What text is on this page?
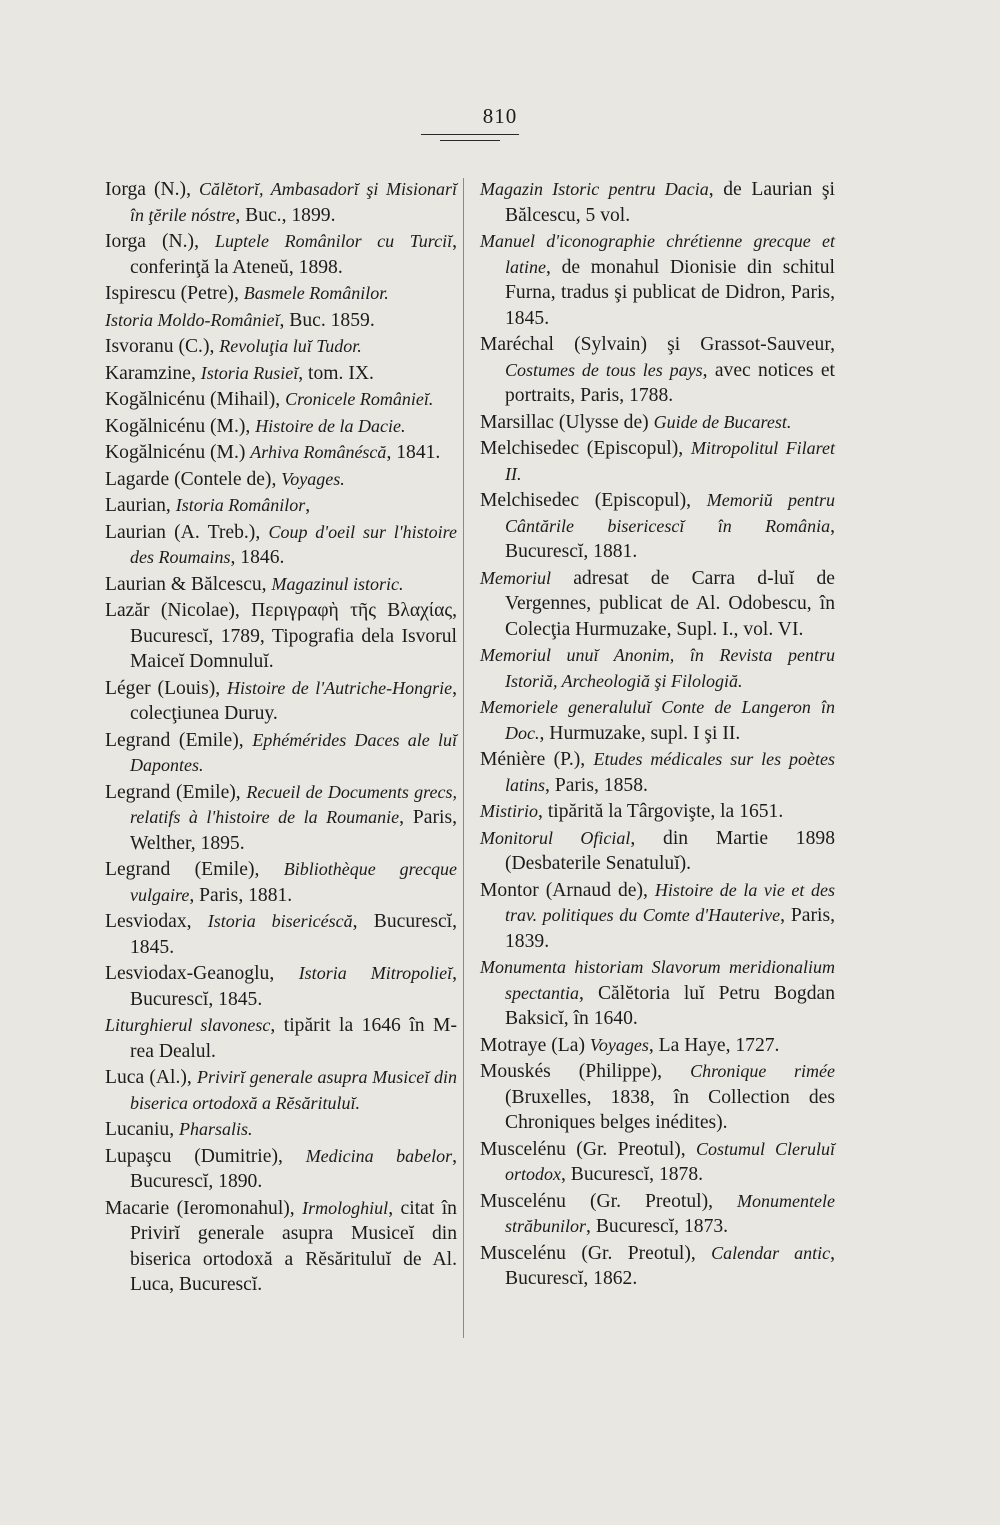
810
Iorga (N.), Călĕtorĭ, Ambasadorĭ şi Misionarĭ în ţĕrile nóstre, Buc., 1899.
Iorga (N.), Luptele Românilor cu Turciĭ, conferinţă la Ateneŭ, 1898.
Ispirescu (Petre), Basmele Românilor.
Istoria Moldo-Românieĭ, Buc. 1859.
Isvoranu (C.), Revoluţia luĭ Tudor.
Karamzine, Istoria Rusieĭ, tom. IX.
Kogălnicénu (Mihail), Cronicele Românieĭ.
Kogălnicénu (M.), Histoire de la Dacie.
Kogălnicénu (M.) Arhiva Românéscă, 1841.
Lagarde (Contele de), Voyages.
Laurian, Istoria Românilor,
Laurian (A. Treb.), Coup d'oeil sur l'histoire des Roumains, 1846.
Laurian & Bălcescu, Magazinul istoric.
Lazăr (Nicolae), Περιγραφὴ τῆς Βλαχίας, Bucurescĭ, 1789, Tipografia dela Isvorul Maiceĭ Domnuluĭ.
Léger (Louis), Histoire de l'Autriche-Hongrie, colecţiunea Duruy.
Legrand (Emile), Ephémérides Daces ale luĭ Dapontes.
Legrand (Emile), Recueil de Documents grecs, relatifs à l'histoire de la Roumanie, Paris, Welther, 1895.
Legrand (Emile), Bibliothèque grecque vulgaire, Paris, 1881.
Lesviodax, Istoria bisericéscă, Bucurescĭ, 1845.
Lesviodax-Geanoglu, Istoria Mitropolieĭ, Bucurescĭ, 1845.
Liturghierul slavonesc, tipărit la 1646 în M-rea Dealul.
Luca (Al.), Privirĭ generale asupra Musiceĭ din biserica ortodoxă a Rĕsărituluĭ.
Lucaniu, Pharsalis.
Lupaşcu (Dumitrie), Medicina babelor, Bucurescĭ, 1890.
Macarie (Ieromonahul), Irmologhiul, citat în Privirĭ generale asupra Musiceĭ din biserica ortodoxă a Rĕsărituluĭ de Al. Luca, Bucurescĭ.
Magazin Istoric pentru Dacia, de Laurian şi Bălcescu, 5 vol.
Manuel d'iconographie chrétienne grecque et latine, de monahul Dionisie din schitul Furna, tradus şi publicat de Didron, Paris, 1845.
Maréchal (Sylvain) şi Grassot-Sauveur, Costumes de tous les pays, avec notices et portraits, Paris, 1788.
Marsillac (Ulysse de) Guide de Bucarest.
Melchisedec (Episcopul), Mitropolitul Filaret II.
Melchisedec (Episcopul), Memoriŭ pentru Cântările bisericescĭ în România, Bucurescĭ, 1881.
Memoriul adresat de Carra d-luĭ de Vergennes, publicat de Al. Odobescu, în Colecţia Hurmuzake, Supl. I., vol. VI.
Memoriul unuĭ Anonim, în Revista pentru Istoriă, Archeologiă şi Filologiă.
Memoriele generaluluĭ Conte de Langeron în Doc., Hurmuzake, supl. I şi II.
Ménière (P.), Etudes médicales sur les poètes latins, Paris, 1858.
Mistirio, tipărită la Târgovişte, la 1651.
Monitorul Oficial, din Martie 1898 (Desbaterile Senatuluĭ).
Montor (Arnaud de), Histoire de la vie et des trav. politiques du Comte d'Hauterive, Paris, 1839.
Monumenta historiam Slavorum meridionalium spectantia, Călĕtoria luĭ Petru Bogdan Baksicĭ, în 1640.
Motraye (La) Voyages, La Haye, 1727.
Mouskés (Philippe), Chronique rimée (Bruxelles, 1838, în Collection des Chroniques belges inédites).
Muscelénu (Gr. Preotul), Costumul Cleruluĭ ortodox, Bucurescĭ, 1878.
Muscelénu (Gr. Preotul), Monumentele străbunilor, Bucurescĭ, 1873.
Muscelénu (Gr. Preotul), Calendar antic, Bucurescĭ, 1862.
